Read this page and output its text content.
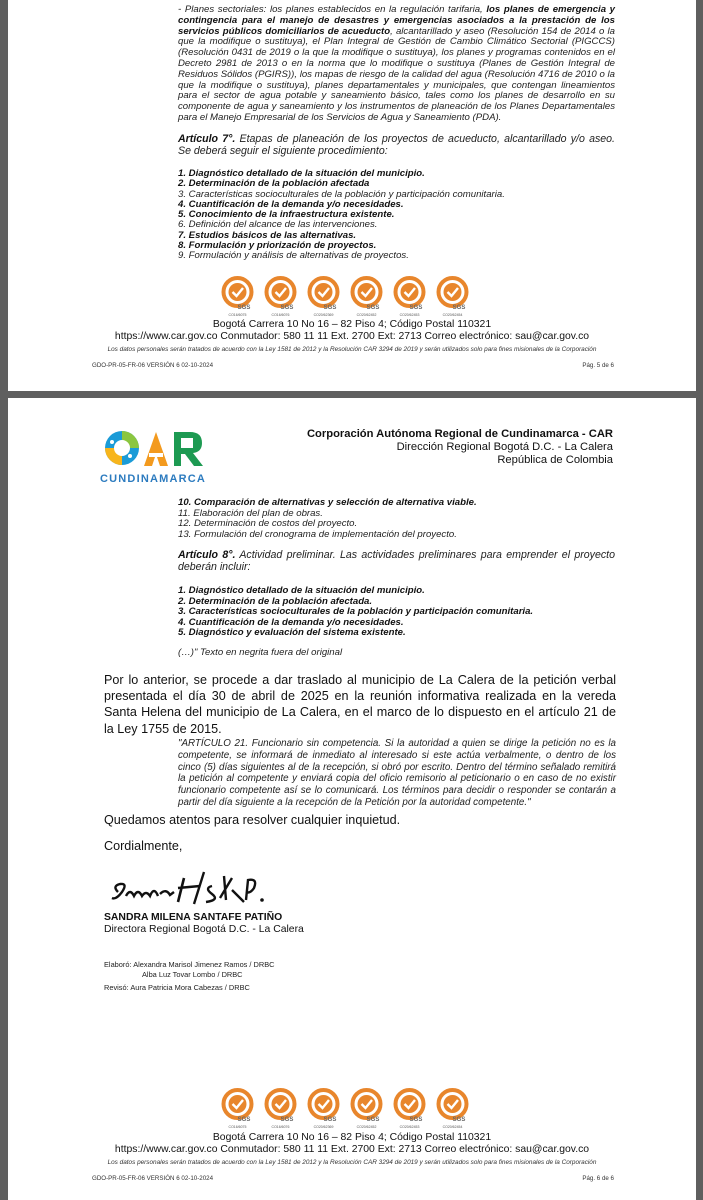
- Planes sectoriales: los planes establecidos en la regulación tarifaria, los planes de emergencia y contingencia para el manejo de desastres y emergencias asociados a la prestación de los servicios públicos domiciliarios de acueducto, alcantarillado y aseo (Resolución 154 de 2014 o la que la modifique o sustituya), el Plan Integral de Gestión de Cambio Climático Sectorial (PIGCCS) (Resolución 0431 de 2019 o la que la modifique o sustituya), los planes y programas contenidos en el Decreto 2981 de 2013 o en la norma que lo modifique o sustituya (Planes de Gestión Integral de Residuos Sólidos (PGIRS)), los mapas de riesgo de la calidad del agua (Resolución 4716 de 2010 o la que la modifique o sustituya), planes departamentales y municipales, que contengan lineamientos para el sector de agua potable y saneamiento básico, tales como los planes de desarrollo en su componente de agua y saneamiento y los instrumentos de planeación de los Planes Departamentales para el Manejo Empresarial de los Servicios de Agua y Saneamiento (PDA).
Artículo 7°. Etapas de planeación de los proyectos de acueducto, alcantarillado y/o aseo. Se deberá seguir el siguiente procedimiento:
1. Diagnóstico detallado de la situación del municipio.
2. Determinación de la población afectada
3. Características socioculturales de la población y participación comunitaria.
4. Cuantificación de la demanda y/o necesidades.
5. Conocimiento de la infraestructura existente.
6. Definición del alcance de las intervenciones.
7. Estudios básicos de las alternativas.
8. Formulación y priorización de proyectos.
9. Formulación y análisis de alternativas de proyectos.
SGS
CO16/6075
SGS
CO16/6076
SGS
CO20/62369
SGS
CO20/62452
SGS
CO20/62453
SGS
CO20/62454
Bogotá Carrera 10 No 16 – 82 Piso 4; Código Postal 110321
https://www.car.gov.co Conmutador: 580 11 11 Ext. 2700 Ext: 2713 Correo electrónico: sau@car.gov.co
Los datos personales serán tratados de acuerdo con la Ley 1581 de 2012 y la Resolución CAR 3294 de 2019 y serán utilizados solo para fines misionales de la Corporación
GDO-PR-05-FR-06 VERSIÓN 6 02-10-2024	Pág. 5 de 6
CUNDINAMARCA
Corporación Autónoma Regional de Cundinamarca - CAR
Dirección Regional Bogotá D.C. - La Calera
República de Colombia
10. Comparación de alternativas y selección de alternativa viable.
11. Elaboración del plan de obras.
12. Determinación de costos del proyecto.
13. Formulación del cronograma de implementación del proyecto.
Artículo 8°. Actividad preliminar. Las actividades preliminares para emprender el proyecto deberán incluir:
1. Diagnóstico detallado de la situación del municipio.
2. Determinación de la población afectada.
3. Características socioculturales de la población y participación comunitaria.
4. Cuantificación de la demanda y/o necesidades.
5. Diagnóstico y evaluación del sistema existente.
(…)" Texto en negrita fuera del original
Por lo anterior, se procede a dar traslado al municipio de La Calera de la petición verbal presentada el día 30 de abril de 2025 en la reunión informativa realizada en la vereda Santa Helena del municipio de La Calera, en el marco de lo dispuesto en el artículo 21 de la Ley 1755 de 2015.
"ARTÍCULO 21. Funcionario sin competencia. Si la autoridad a quien se dirige la petición no es la competente, se informará de inmediato al interesado si este actúa verbalmente, o dentro de los cinco (5) días siguientes al de la recepción, si obró por escrito. Dentro del término señalado remitirá la petición al competente y enviará copia del oficio remisorio al peticionario o en caso de no existir funcionario competente así se lo comunicará. Los términos para decidir o responder se contarán a partir del día siguiente a la recepción de la Petición por la autoridad competente."
Quedamos atentos para resolver cualquier inquietud.
Cordialmente,
SANDRA MILENA SANTAFE PATIÑO
Directora Regional Bogotá D.C. - La Calera
Elaboró: Alexandra Marisol Jimenez Ramos / DRBC
Alba Luz Tovar Lombo / DRBC
Revisó: Aura Patricia Mora Cabezas / DRBC
SGS
CO16/6075
SGS
CO16/6076
SGS
CO20/62369
SGS
CO20/62452
SGS
CO20/62453
SGS
CO20/62454
Bogotá Carrera 10 No 16 – 82 Piso 4; Código Postal 110321
https://www.car.gov.co Conmutador: 580 11 11 Ext. 2700 Ext: 2713 Correo electrónico: sau@car.gov.co
Los datos personales serán tratados de acuerdo con la Ley 1581 de 2012 y la Resolución CAR 3294 de 2019 y serán utilizados solo para fines misionales de la Corporación
GDO-PR-05-FR-06 VERSIÓN 6 02-10-2024	Pág. 6 de 6
